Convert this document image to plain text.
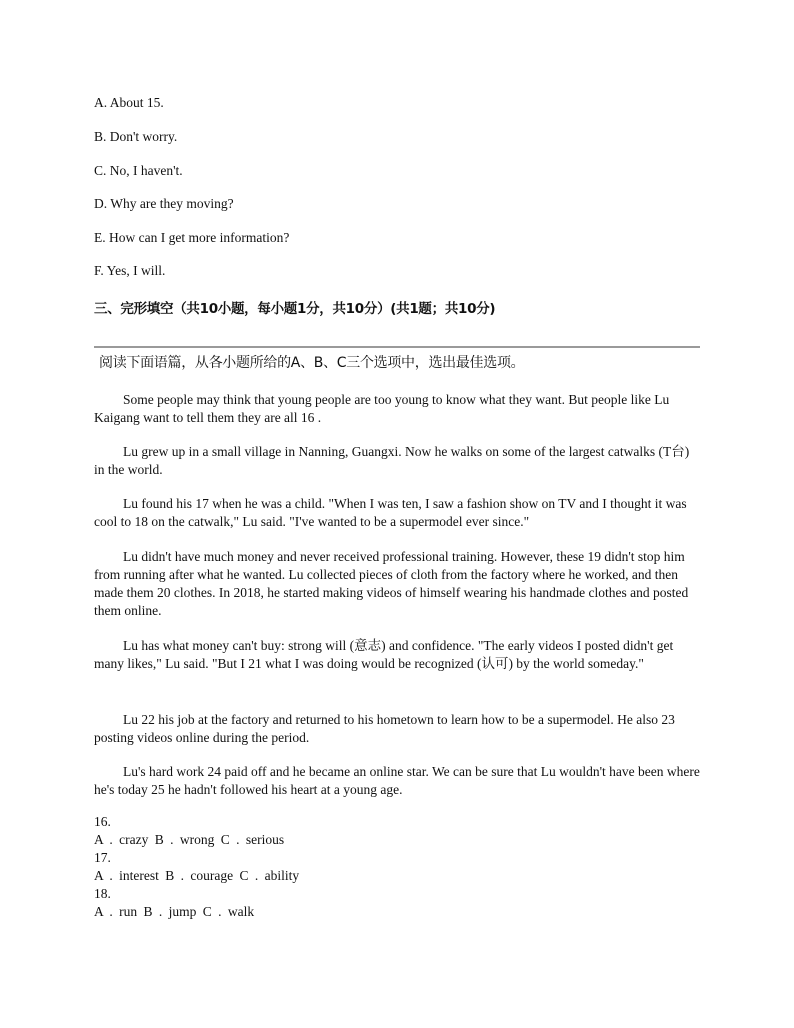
A. About 15.

B. Don't worry.

C. No, I haven't.

D. Why are they moving?

E. How can I get more information?

F. Yes, I will.

三、完形填空（共10小题，每小题1分，共10分）(共1题；共10分)

阅读下面语篇，从各小题所给的A、B、C三个选项中，选出最佳选项。

Some people may think that young people are too young to know what they want. But people like Lu Kaigang want to tell them they are all 16 .

Lu grew up in a small village in Nanning, Guangxi. Now he walks on some of the largest catwalks (T台) in the world.

Lu found his 17 when he was a child. "When I was ten, I saw a fashion show on TV and I thought it was cool to 18 on the catwalk," Lu said. "I've wanted to be a supermodel ever since."

Lu didn't have much money and never received professional training. However, these 19 didn't stop him from running after what he wanted. Lu collected pieces of cloth from the factory where he worked, and then made them 20 clothes. In 2018, he started making videos of himself wearing his handmade clothes and posted them online.

Lu has what money can't buy: strong will (意志) and confidence. "The early videos I posted didn't get many likes," Lu said. "But I 21 what I was doing would be recognized (认可) by the world someday."

Lu 22 his job at the factory and returned to his hometown to learn how to be a supermodel. He also 23 posting videos online during the period.

Lu's hard work 24 paid off and he became an online star. We can be sure that Lu wouldn't have been where he's today 25 he hadn't followed his heart at a young age.

16.

A . crazy B . wrong C . serious

17.

A . interest B . courage C . ability

18.

A . run B . jump C . walk
